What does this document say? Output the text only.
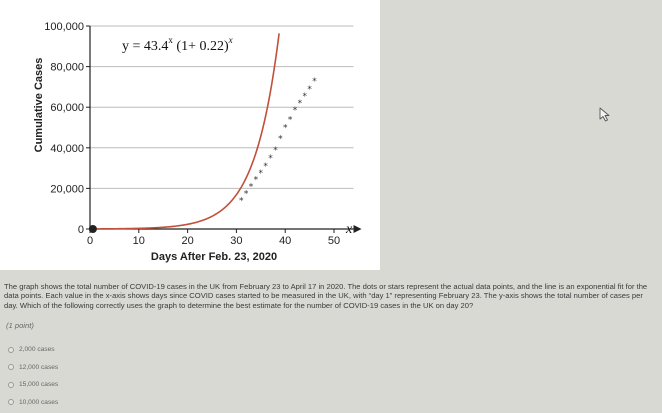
*
*
*
*
*
*
*
*
*
*
*
*
*
*
*
*
0
20,000
40,000
60,000
80,000
100,000
0	10	20	30	40	50
Cumulative Cases
Days After Feb. 23, 2020
x
$y = 43.4^x$ $(1+ 0.22)^x$

The graph shows the total number of COVID-19 cases in the UK from February 23 to April 17 in 2020. The dots or stars represent the actual data points, and the line is an exponential fit for the data points. Each value in the x-axis shows days since COVID cases started to be measured in the UK, with “day 1” representing February 23. The y-axis shows the total number of cases per day. Which of the following correctly uses the graph to determine the best estimate for the number of COVID-19 cases in the UK on day 20?

(1 point)
2,000 cases
12,000 cases
15,000 cases
10,000 cases
